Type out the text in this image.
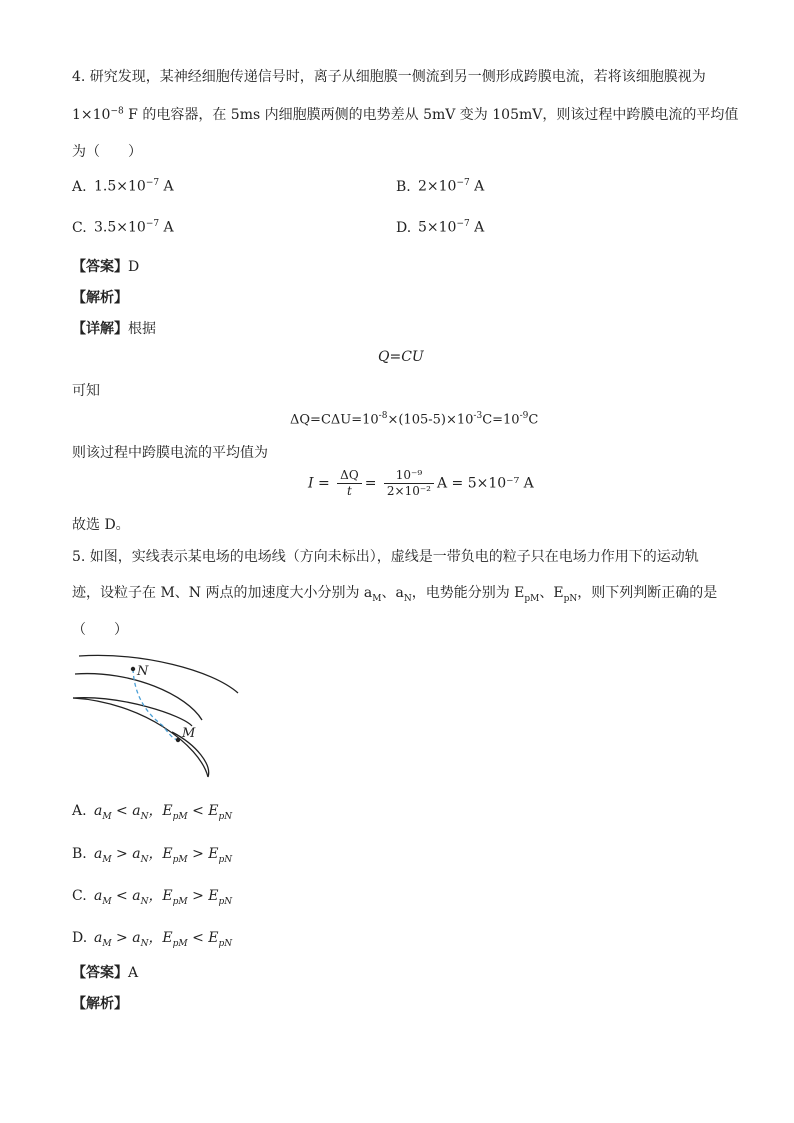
4. 研究发现，某神经细胞传递信号时，离子从细胞膜一侧流到另一侧形成跨膜电流，若将该细胞膜视为
$1\times 10^{-8}$ F 的电容器，在 5ms 内细胞膜两侧的电势差从 5mV 变为 105mV，则该过程中跨膜电流的平均值
为（　　）
A. $1.5\times 10^{-7}$ A	B. $2\times 10^{-7}$ A
C. $3.5\times 10^{-7}$ A	D. $5\times 10^{-7}$ A
【答案】D
【解析】
【详解】根据
Q=CU
可知
$\Delta Q=C\Delta U=10^{-8}\times(105-5)\times 10^{-3}C=10^{-9}C$
则该过程中跨膜电流的平均值为
$I = \frac{\Delta Q}{t} = \frac{\text{10⁻⁹}}{\text{2×10⁻²}}$ A = 5×10⁻⁷ A
故选 D。
5. 如图，实线表示某电场的电场线（方向未标出），虚线是一带负电的粒子只在电场力作用下的运动轨
迹，设粒子在 M、N 两点的加速度大小分别为 $a_M$、$a_N$，电势能分别为 $E_{pM}$、$E_{pN}$，则下列判断正确的是
（　　）
N
M
A. $a_M < a_N$，$E_{pM} < E_{pN}$
B. $a_M > a_N$，$E_{pM} > E_{pN}$
C. $a_M < a_N$，$E_{pM} > E_{pN}$
D. $a_M > a_N$，$E_{pM} < E_{pN}$
【答案】A
【解析】
